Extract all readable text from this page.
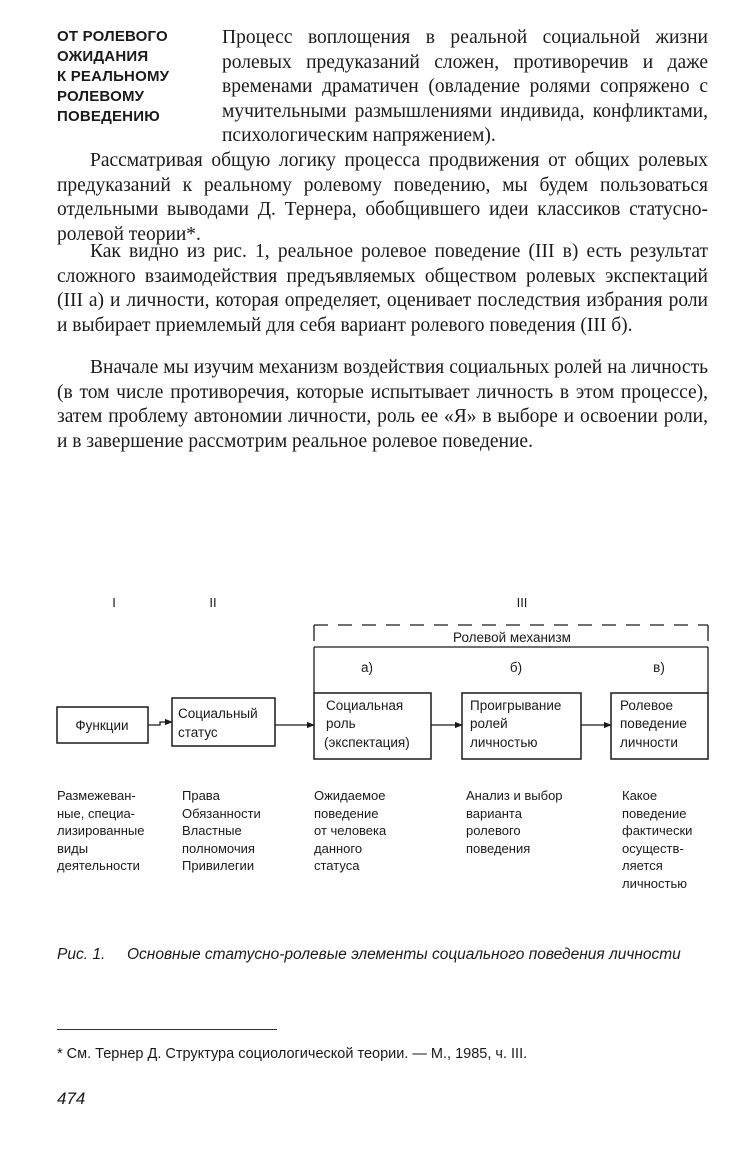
ОТ РОЛЕВОГО
ОЖИДАНИЯ
К РЕАЛЬНОМУ
РОЛЕВОМУ
ПОВЕДЕНИЮ

Процесс воплощения в реальной социальной жизни ролевых предуказаний сложен, противоречив и даже временами драматичен (овладение ролями сопряжено с мучительными размышлениями индивида, конфликтами, психологическим напряжением).

Рассматривая общую логику процесса продвижения от общих ролевых предуказаний к реальному ролевому поведению, мы будем пользоваться отдельными выводами Д. Тернера, обобщившего идеи классиков статусно-ролевой теории*.

Как видно из рис. 1, реальное ролевое поведение (III в) есть результат сложного взаимодействия предъявляемых обществом ролевых экспектаций (III а) и личности, которая определяет, оценивает последствия избрания роли и выбирает приемлемый для себя вариант ролевого поведения (III б).

Вначале мы изучим механизм воздействия социальных ролей на личность (в том числе противоречия, которые испытывает личность в этом процессе), затем проблему автономии личности, роль ее «Я» в выборе и освоении роли, и в завершение рассмотрим реальное ролевое поведение.

I	II	III
Ролевой механизм
а)	б)	в)
Функции
Социальный
статус
Социальная
роль
(экспектация)
Проигрывание
ролей
личностью
Ролевое
поведение
личности
Размежеван-
ные, специа-
лизированные
виды
деятельности
Права
Обязанности
Властные
полномочия
Привилегии
Ожидаемое
поведение
от человека
данного
статуса
Анализ и выбор
варианта
ролевого
поведения
Какое
поведение
фактически
осуществ-
ляется
личностью
Рис. 1. Основные статусно-ролевые элементы социального поведения личности
* См. Тернер Д. Структура социологической теории. — М., 1985, ч. III.
474
